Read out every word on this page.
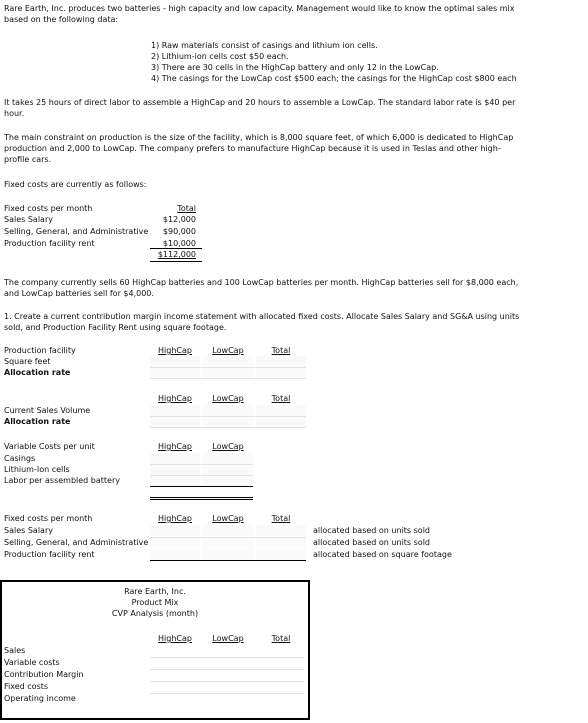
Rare Earth, Inc. produces two batteries - high capacity and low capacity. Management would like to know the optimal sales mix
based on the following data:
1) Raw materials consist of casings and lithium ion cells.
2) Lithium-ion cells cost $50 each.
3) There are 30 cells in the HighCap battery and only 12 in the LowCap.
4) The casings for the LowCap cost $500 each; the casings for the HighCap cost $800 each
It takes 25 hours of direct labor to assemble a HighCap and 20 hours to assemble a LowCap. The standard labor rate is $40 per
hour.
The main constraint on production is the size of the facility, which is 8,000 square feet, of which 6,000 is dedicated to HighCap
production and 2,000 to LowCap. The company prefers to manufacture HighCap because it is used in Teslas and other high-
profile cars.
Fixed costs are currently as follows:
Fixed costs per month	Total
Sales Salary	$12,000
Selling, General, and Administrative	$90,000
Production facility rent	$10,000
$112,000
The company currently sells 60 HighCap batteries and 100 LowCap batteries per month. HighCap batteries sell for $8,000 each,
and LowCap batteries sell for $4,000.
1. Create a current contribution margin income statement with allocated fixed costs. Allocate Sales Salary and SG&A using units
sold, and Production Facility Rent using square footage.
Production facility	HighCap	LowCap	Total
Square feet
Allocation rate
HighCap	LowCap	Total
Current Sales Volume
Allocation rate
Variable Costs per unit	HighCap	LowCap
Casings
Lithium-Ion cells
Labor per assembled battery
Fixed costs per month	HighCap	LowCap	Total
Sales Salary
Selling, General, and Administrative
Production facility rent
allocated based on units sold
allocated based on units sold
allocated based on square footage
Rare Earth, Inc.
Product Mix
CVP Analysis (month)
HighCap	LowCap	Total
Sales
Variable costs
Contribution Margin
Fixed costs
Operating income
